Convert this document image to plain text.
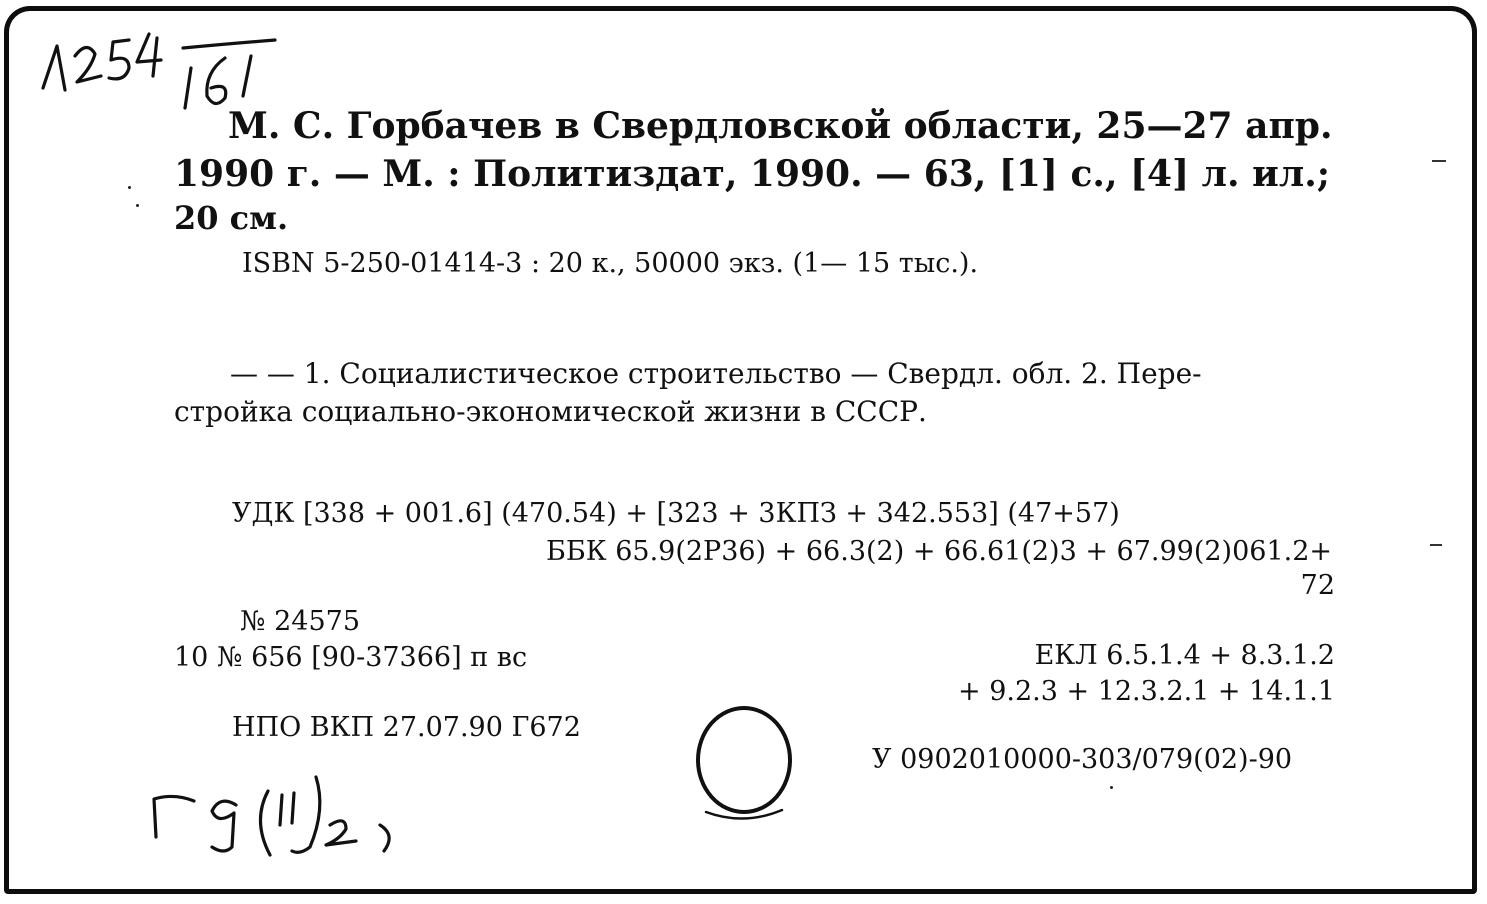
М. С. Горбачев в Свердловской области, 25—27 апр.
1990 г. — М. : Политиздат, 1990. — 63, [1] с., [4] л. ил.;
20 см.
ISBN 5-250-01414-3 : 20 к., 50000 экз. (1— 15 тыс.).
— — 1. Социалистическое строительство — Свердл. обл. 2. Пере-
стройка социально-экономической жизни в СССР.
УДК [338 + 001.6] (470.54) + [323 + 3КПЗ + 342.553] (47+57)
ББК 65.9(2Р36) + 66.3(2) + 66.61(2)3 + 67.99(2)061.2+
72
№ 24575
10 № 656 [90-37366] п вс	ЕКЛ 6.5.1.4 + 8.3.1.2
+ 9.2.3 + 12.3.2.1 + 14.1.1
НПО ВКП 27.07.90 Г672
У 0902010000-303/079(02)-90
